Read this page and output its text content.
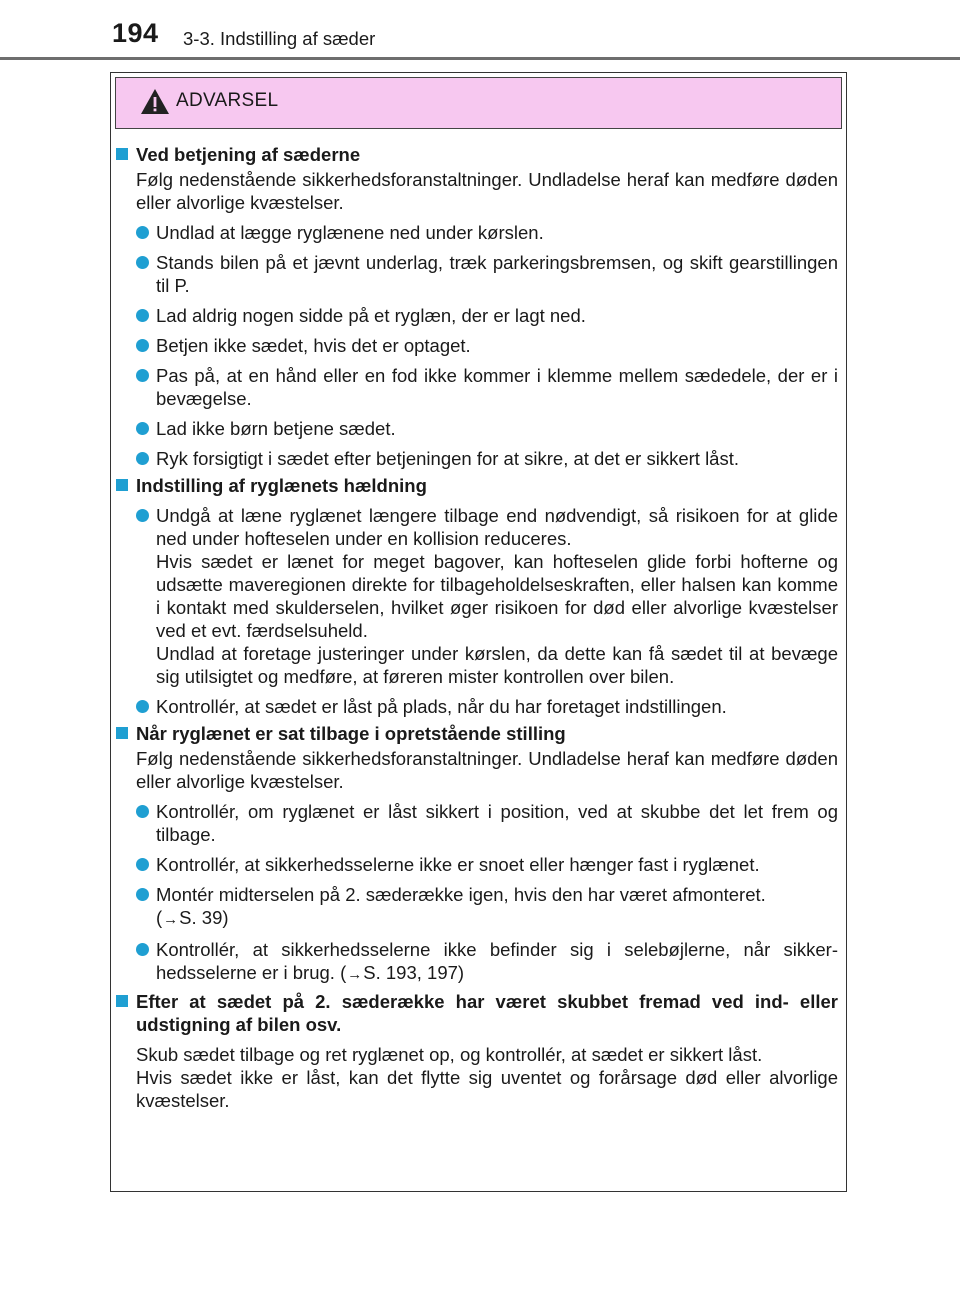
194 3-3. Indstilling af sæder
ADVARSEL
Ved betjening af sæderne
Følg nedenstående sikkerhedsforanstaltninger. Undladelse heraf kan medføre døden eller alvorlige kvæstelser.
Undlad at lægge ryglænene ned under kørslen.
Stands bilen på et jævnt underlag, træk parkeringsbremsen, og skift gearstillingen til P.
Lad aldrig nogen sidde på et ryglæn, der er lagt ned.
Betjen ikke sædet, hvis det er optaget.
Pas på, at en hånd eller en fod ikke kommer i klemme mellem sædedele, der er i bevægelse.
Lad ikke børn betjene sædet.
Ryk forsigtigt i sædet efter betjeningen for at sikre, at det er sikkert låst.
Indstilling af ryglænets hældning
Undgå at læne ryglænet længere tilbage end nødvendigt, så risikoen for at glide ned under hofteselen under en kollision reduceres.
Hvis sædet er lænet for meget bagover, kan hofteselen glide forbi hofterne og udsætte maveregionen direkte for tilbageholdelseskraften, eller halsen kan komme i kontakt med skulderselen, hvilket øger risikoen for død eller alvorlige kvæstelser ved et evt. færdselsuheld.
Undlad at foretage justeringer under kørslen, da dette kan få sædet til at bevæge sig utilsigtet og medføre, at føreren mister kontrollen over bilen.
Kontrollér, at sædet er låst på plads, når du har foretaget indstillingen.
Når ryglænet er sat tilbage i opretstående stilling
Følg nedenstående sikkerhedsforanstaltninger. Undladelse heraf kan medføre døden eller alvorlige kvæstelser.
Kontrollér, om ryglænet er låst sikkert i position, ved at skubbe det let frem og tilbage.
Kontrollér, at sikkerhedsselerne ikke er snoet eller hænger fast i ryglænet.
Montér midterselen på 2. sæderække igen, hvis den har været afmonteret.
(→S. 39)
Kontrollér, at sikkerhedsselerne ikke befinder sig i selebøjlerne, når sikkerhedsselerne er i brug. (→S. 193, 197)
Efter at sædet på 2. sæderække har været skubbet fremad ved ind- eller udstigning af bilen osv.
Skub sædet tilbage og ret ryglænet op, og kontrollér, at sædet er sikkert låst.
Hvis sædet ikke er låst, kan det flytte sig uventet og forårsage død eller alvorlige kvæstelser.
